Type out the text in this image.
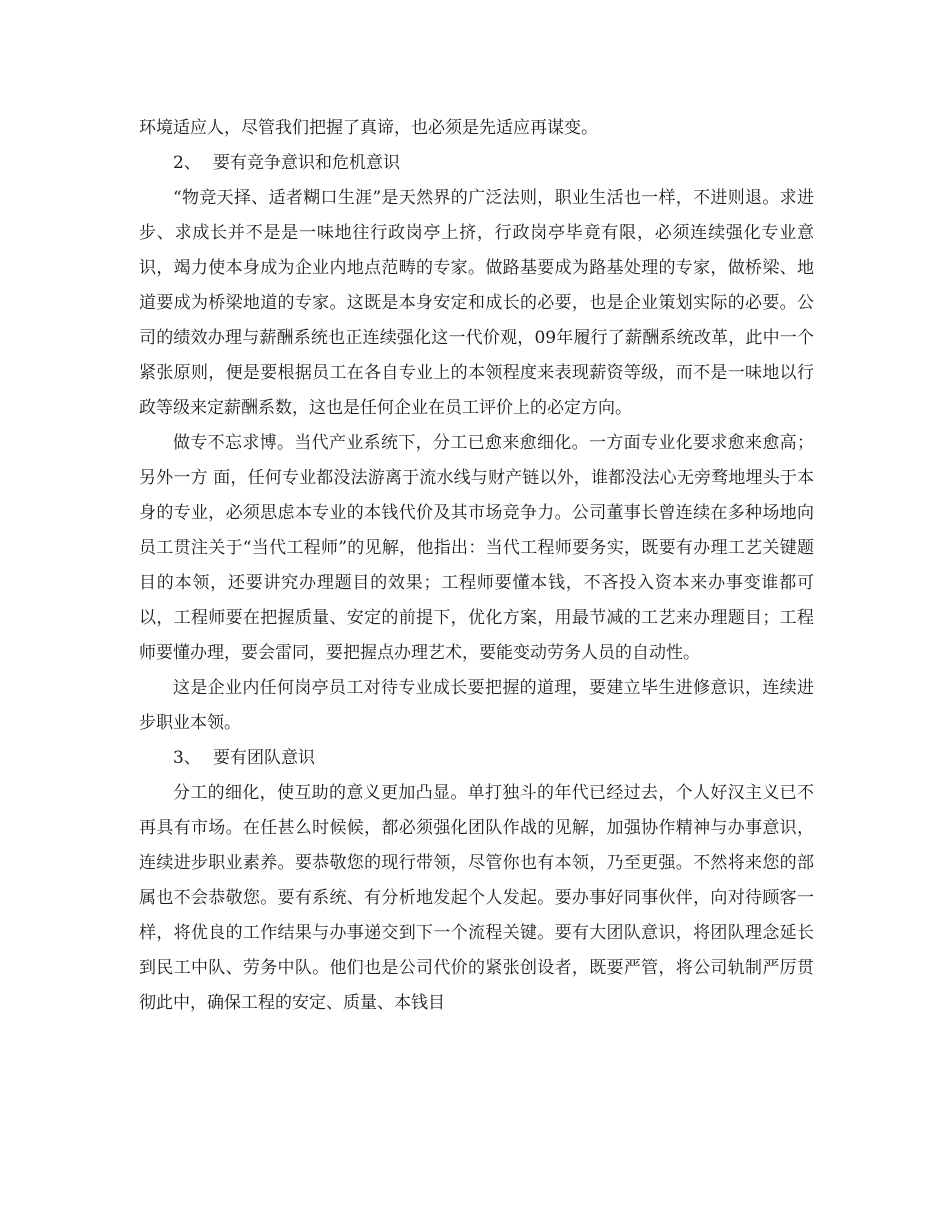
环境适应人，尽管我们把握了真谛，也必须是先适应再谋变。

2、 要有竞争意识和危机意识

“物竞天择、适者糊口生涯”是天然界的广泛法则，职业生活也一样，不进则退。求进步、求成长并不是是一味地往行政岗亭上挤，行政岗亭毕竟有限，必须连续强化专业意识，竭力使本身成为企业内地点范畴的专家。做路基要成为路基处理的专家，做桥梁、地道要成为桥梁地道的专家。这既是本身安定和成长的必要，也是企业策划实际的必要。公司的绩效办理与薪酬系统也正连续强化这一代价观，09年履行了薪酬系统改革，此中一个紧张原则，便是要根据员工在各自专业上的本领程度来表现薪资等级，而不是一味地以行政等级来定薪酬系数，这也是任何企业在员工评价上的必定方向。

做专不忘求博。当代产业系统下，分工已愈来愈细化。一方面专业化要求愈来愈高；另外一方 面，任何专业都没法游离于流水线与财产链以外，谁都没法心无旁骛地埋头于本身的专业，必须思虑本专业的本钱代价及其市场竞争力。公司董事长曾连续在多种场地向员工贯注关于“当代工程师”的见解，他指出：当代工程师要务实，既要有办理工艺关键题目的本领，还要讲究办理题目的效果；工程师要懂本钱，不吝投入资本来办事变谁都可以，工程师要在把握质量、安定的前提下，优化方案，用最节减的工艺来办理题目；工程师要懂办理，要会雷同，要把握点办理艺术，要能变动劳务人员的自动性。

这是企业内任何岗亭员工对待专业成长要把握的道理，要建立毕生进修意识，连续进步职业本领。

3、 要有团队意识

分工的细化，使互助的意义更加凸显。单打独斗的年代已经过去，个人好汉主义已不再具有市场。在任甚么时候候，都必须强化团队作战的见解，加强协作精神与办事意识，连续进步职业素养。要恭敬您的现行带领，尽管你也有本领，乃至更强。不然将来您的部属也不会恭敬您。要有系统、有分析地发起个人发起。要办事好同事伙伴，向对待顾客一样，将优良的工作结果与办事递交到下一个流程关键。要有大团队意识，将团队理念延长到民工中队、劳务中队。他们也是公司代价的紧张创设者，既要严管，将公司轨制严厉贯彻此中，确保工程的安定、质量、本钱目
